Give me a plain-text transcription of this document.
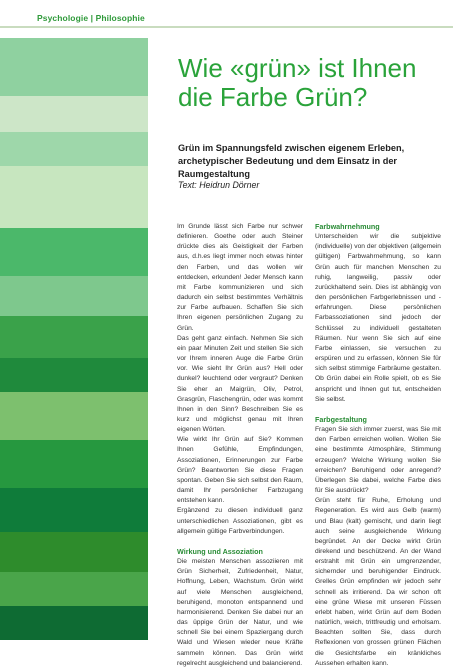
Psychologie | Philosophie
Wie «grün» ist Ihnen die Farbe Grün?
Grün im Spannungsfeld zwischen eigenem Erleben, archetypischer Bedeutung und dem Einsatz in der Raumgestaltung
Text: Heidrun Dörner

Im Grunde lässt sich Farbe nur schwer definieren. Goethe oder auch Steiner drückte dies als Geistigkeit der Farben aus, d.h.es liegt immer noch etwas hinter den Farben, und das wollen wir entdecken, erkunden! Jeder Mensch kann mit Farbe kommunizieren und sich dadurch ein selbst bestimmtes Verhältnis zur Farbe aufbauen. Schaffen Sie sich Ihren eigenen persönlichen Zugang zu Grün.

Das geht ganz einfach. Nehmen Sie sich ein paar Minuten Zeit und stellen Sie sich vor Ihrem inneren Auge die Farbe Grün vor. Wie sieht Ihr Grün aus? Hell oder dunkel? leuchtend oder vergraut? Denken Sie eher an Maigrün, Oliv, Petrol, Grasgrün, Flaschengrün, oder was kommt Ihnen in den Sinn? Beschreiben Sie es kurz und möglichst genau mit Ihren eigenen Wörten.

Wie wirkt Ihr Grün auf Sie? Kommen Ihnen Gefühle, Empfindungen, Assoziationen, Erinnerungen zur Farbe Grün? Beantworten Sie diese Fragen spontan. Geben Sie sich selbst den Raum, damit Ihr persönlicher Farbzugang entstehen kann.

Ergänzend zu diesen individuell ganz unterschiedlichen Assoziationen, gibt es allgemein gültige Farbverbindungen.

Wirkung und Assoziation

Die meisten Menschen assoziieren mit Grün Sicherheit, Zufriedenheit, Natur, Hoffnung, Leben, Wachstum. Grün wirkt auf viele Menschen ausgleichend, beruhigend, monoton entspannend und harmonisierend. Denken Sie dabei nur an das üppige Grün der Natur, und wie schnell Sie bei einem Spaziergang durch Wald und Wiesen wieder neue Kräfte sammeln können. Das Grün wirkt regelrecht ausgleichend und balancierend.

Farbwahrnehmung

Unterscheiden wir die subjektive (individuelle) von der objektiven (allgemein gültigen) Farbwahrnehmung, so kann Grün auch für manchen Menschen zu ruhig, langweilig, passiv oder zurückhaltend sein. Dies ist abhängig von den persönlichen Farbgerlebnissen und -erfahrungen. Diese persönlichen Farbassoziationen sind jedoch der Schlüssel zu individuell gestalteten Räumen. Nur wenn Sie sich auf eine Farbe einlassen, sie versuchen zu erspüren und zu erfassen, können Sie für sich selbst stimmige Farbräume gestalten. Ob Grün dabei ein Rolle spielt, ob es Sie anspricht und Ihnen gut tut, entscheiden Sie selbst.

Farbgestaltung

Fragen Sie sich immer zuerst, was Sie mit den Farben erreichen wollen. Wollen Sie eine bestimmte Atmosphäre, Stimmung erzeugen? Welche Wirkung wollen Sie erreichen? Beruhigend oder anregend? Überlegen Sie dabei, welche Farbe dies für Sie ausdrückt?

Grün steht für Ruhe, Erholung und Regeneration. Es wird aus Gelb (warm) und Blau (kalt) gemischt, und darin liegt auch seine ausgleichende Wirkung begründet. An der Decke wirkt Grün direkend und beschützend. An der Wand erstrahlt mit Grün ein umgrenzender, sichernder und beruhigender Eindruck. Grelles Grün empfinden wir jedoch sehr schnell als irritierend. Da wir schon oft eine grüne Wiese mit unseren Füssen erlebt haben, wirkt Grün auf dem Boden natürlich, weich, trittfreudig und erholsam. Beachten sollten Sie, dass durch Reflexionen von grossen grünen Flächen die Gesichtsfarbe ein kränkliches Aussehen erhalten kann.
